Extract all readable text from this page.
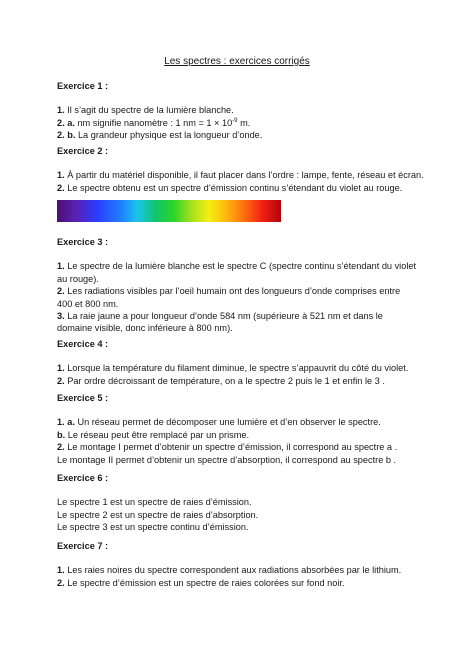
Les spectres : exercices corrigés
Exercice 1 :
1. Il s’agit du spectre de la lumière blanche.
2. a. nm signifie nanomètre : 1 nm = $1 \times 10^{-9}$ m.
2. b. La grandeur physique est la longueur d’onde.
Exercice 2 :
1. À partir du matériel disponible, il faut placer dans l’ordre : lampe, fente, réseau et écran.
2. Le spectre obtenu est un spectre d’émission continu s’étendant du violet au rouge.
Exercice 3 :
1. Le spectre de la lumière blanche est le spectre C (spectre continu s’étendant du violet au rouge).
2. Les radiations visibles par l’oeil humain ont des longueurs d’onde comprises entre 400 et 800 nm.
3. La raie jaune a pour longueur d’onde 584 nm (supérieure à 521 nm et dans le domaine visible, donc inférieure à 800 nm).
Exercice 4 :
1. Lorsque la température du filament diminue, le spectre s’appauvrit du côté du violet.
2. Par ordre décroissant de température, on a le spectre 2 puis le 1 et enfin le 3 .
Exercice 5 :
1. a. Un réseau permet de décomposer une lumière et d’en observer le spectre.
b. Le réseau peut être remplacé par un prisme.
2. Le montage I permet d’obtenir un spectre d’émission, il correspond au spectre a .
Le montage II permet d’obtenir un spectre d’absorption, il correspond au spectre b .
Exercice 6 :
Le spectre 1 est un spectre de raies d’émission.
Le spectre 2 est un spectre de raies d’absorption.
Le spectre 3 est un spectre continu d’émission.
Exercice 7 :
1. Les raies noires du spectre correspondent aux radiations absorbées par le lithium.
2. Le spectre d’émission est un spectre de raies colorées sur fond noir.
